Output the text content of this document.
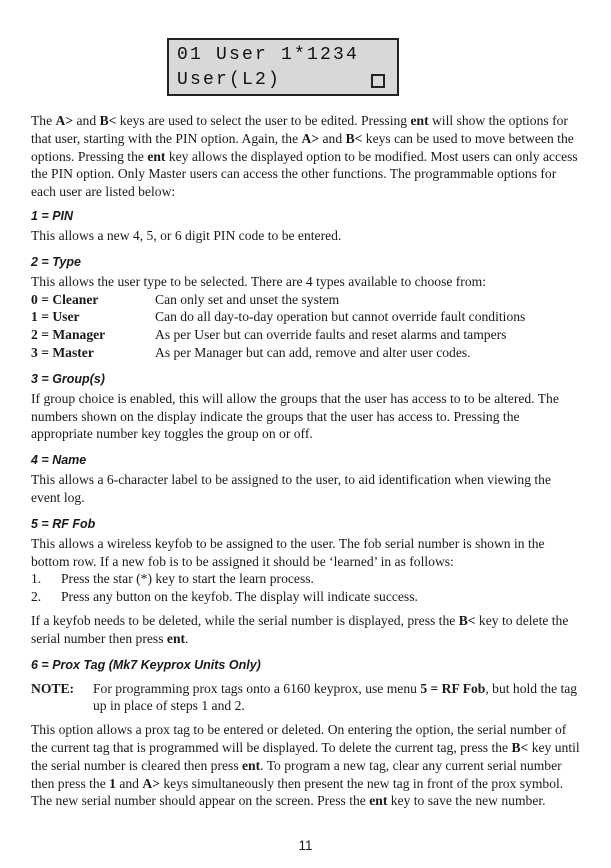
01 User 1*1234
User(L2)

The A> and B< keys are used to select the user to be edited. Pressing ent will show the options for that user, starting with the PIN option. Again, the A> and B< keys can be used to move between the options. Pressing the ent key allows the displayed option to be modified. Most users can only access the PIN option. Only Master users can access the other functions. The programmable options for each user are listed below:

1 = PIN

This allows a new 4, 5, or 6 digit PIN code to be entered.

2 = Type

This allows the user type to be selected. There are 4 types available to choose from:

0 = Cleaner	Can only set and unset the system
1 = User	Can do all day-to-day operation but cannot override fault conditions
2 = Manager	As per User but can override faults and reset alarms and tampers
3 = Master	As per Manager but can add, remove and alter user codes.
3 = Group(s)

If group choice is enabled, this will allow the groups that the user has access to to be altered. The numbers shown on the display indicate the groups that the user has access to. Pressing the appropriate number key toggles the group on or off.

4 = Name

This allows a 6-character label to be assigned to the user, to aid identification when viewing the event log.

5 = RF Fob

This allows a wireless keyfob to be assigned to the user. The fob serial number is shown in the bottom row. If a new fob is to be assigned it should be ‘learned’ in as follows:

1.	Press the star (*) key to start the learn process.
2.	Press any button on the keyfob. The display will indicate success.

If a keyfob needs to be deleted, while the serial number is displayed, press the B< key to delete the serial number then press ent.

6 = Prox Tag (Mk7 Keyprox Units Only)
NOTE:	For programming prox tags onto a 6160 keyprox, use menu 5 = RF Fob, but hold the tag up in place of steps 1 and 2.

This option allows a prox tag to be entered or deleted. On entering the option, the serial number of the current tag that is programmed will be displayed. To delete the current tag, press the B< key until the serial number is cleared then press ent. To program a new tag, clear any current serial number then press the 1 and A> keys simultaneously then present the new tag in front of the prox symbol. The new serial number should appear on the screen. Press the ent key to save the new number.

11
